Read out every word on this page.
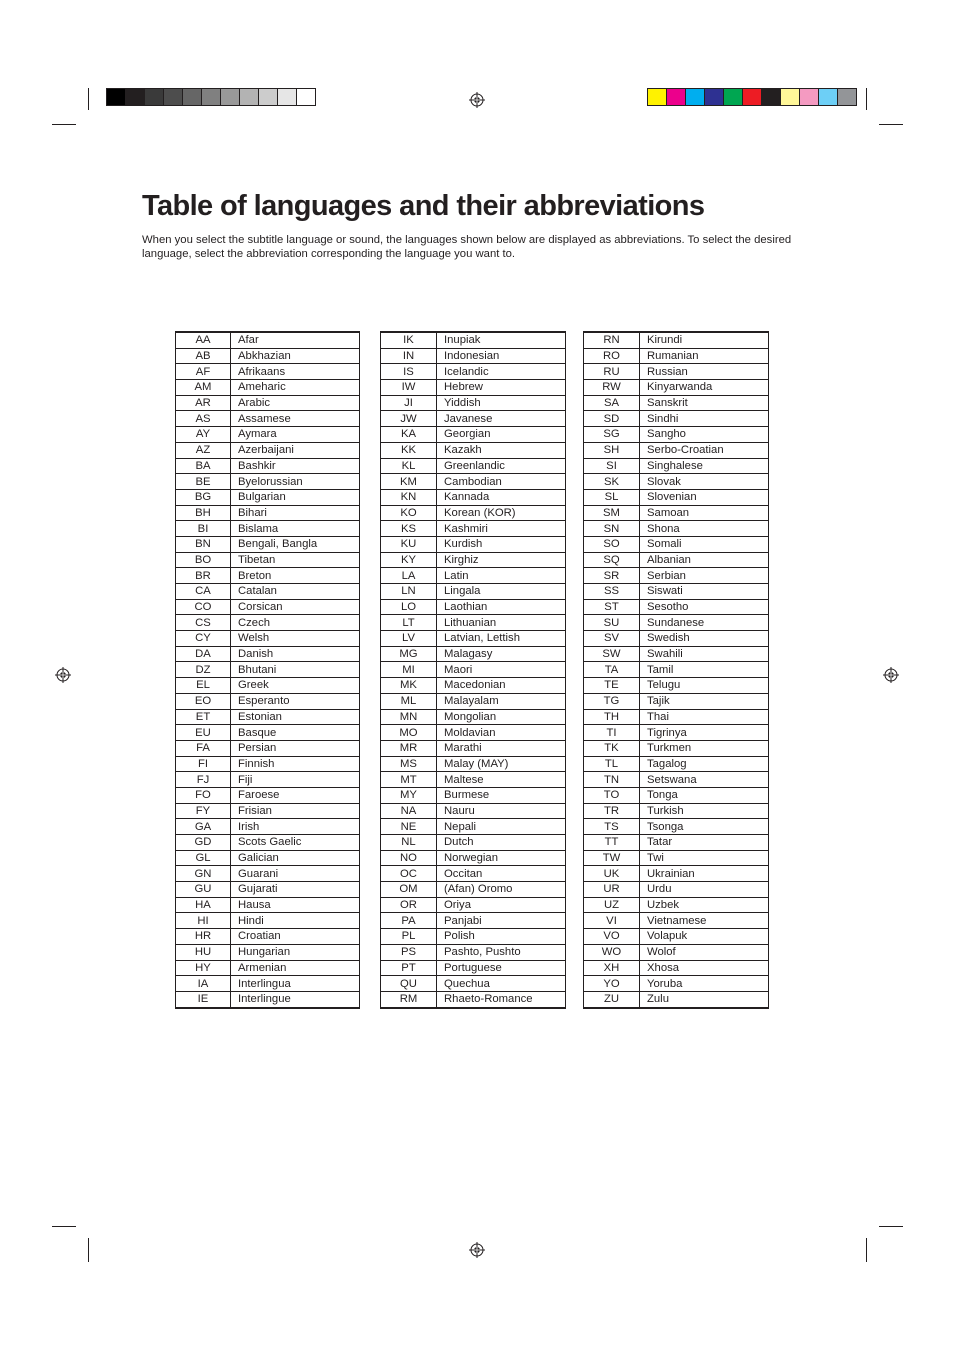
Table of languages and their abbreviations

When you select the subtitle language or sound, the languages shown below are displayed as abbreviations. To select the desired language, select the abbreviation corresponding the language you want to.

AA	Afar
AB	Abkhazian
AF	Afrikaans
AM	Ameharic
AR	Arabic
AS	Assamese
AY	Aymara
AZ	Azerbaijani
BA	Bashkir
BE	Byelorussian
BG	Bulgarian
BH	Bihari
BI	Bislama
BN	Bengali, Bangla
BO	Tibetan
BR	Breton
CA	Catalan
CO	Corsican
CS	Czech
CY	Welsh
DA	Danish
DZ	Bhutani
EL	Greek
EO	Esperanto
ET	Estonian
EU	Basque
FA	Persian
FI	Finnish
FJ	Fiji
FO	Faroese
FY	Frisian
GA	Irish
GD	Scots Gaelic
GL	Galician
GN	Guarani
GU	Gujarati
HA	Hausa
HI	Hindi
HR	Croatian
HU	Hungarian
HY	Armenian
IA	Interlingua
IE	Interlingue
IK	Inupiak
IN	Indonesian
IS	Icelandic
IW	Hebrew
JI	Yiddish
JW	Javanese
KA	Georgian
KK	Kazakh
KL	Greenlandic
KM	Cambodian
KN	Kannada
KO	Korean (KOR)
KS	Kashmiri
KU	Kurdish
KY	Kirghiz
LA	Latin
LN	Lingala
LO	Laothian
LT	Lithuanian
LV	Latvian, Lettish
MG	Malagasy
MI	Maori
MK	Macedonian
ML	Malayalam
MN	Mongolian
MO	Moldavian
MR	Marathi
MS	Malay (MAY)
MT	Maltese
MY	Burmese
NA	Nauru
NE	Nepali
NL	Dutch
NO	Norwegian
OC	Occitan
OM	(Afan) Oromo
OR	Oriya
PA	Panjabi
PL	Polish
PS	Pashto, Pushto
PT	Portuguese
QU	Quechua
RM	Rhaeto-Romance
RN	Kirundi
RO	Rumanian
RU	Russian
RW	Kinyarwanda
SA	Sanskrit
SD	Sindhi
SG	Sangho
SH	Serbo-Croatian
SI	Singhalese
SK	Slovak
SL	Slovenian
SM	Samoan
SN	Shona
SO	Somali
SQ	Albanian
SR	Serbian
SS	Siswati
ST	Sesotho
SU	Sundanese
SV	Swedish
SW	Swahili
TA	Tamil
TE	Telugu
TG	Tajik
TH	Thai
TI	Tigrinya
TK	Turkmen
TL	Tagalog
TN	Setswana
TO	Tonga
TR	Turkish
TS	Tsonga
TT	Tatar
TW	Twi
UK	Ukrainian
UR	Urdu
UZ	Uzbek
VI	Vietnamese
VO	Volapuk
WO	Wolof
XH	Xhosa
YO	Yoruba
ZU	Zulu
